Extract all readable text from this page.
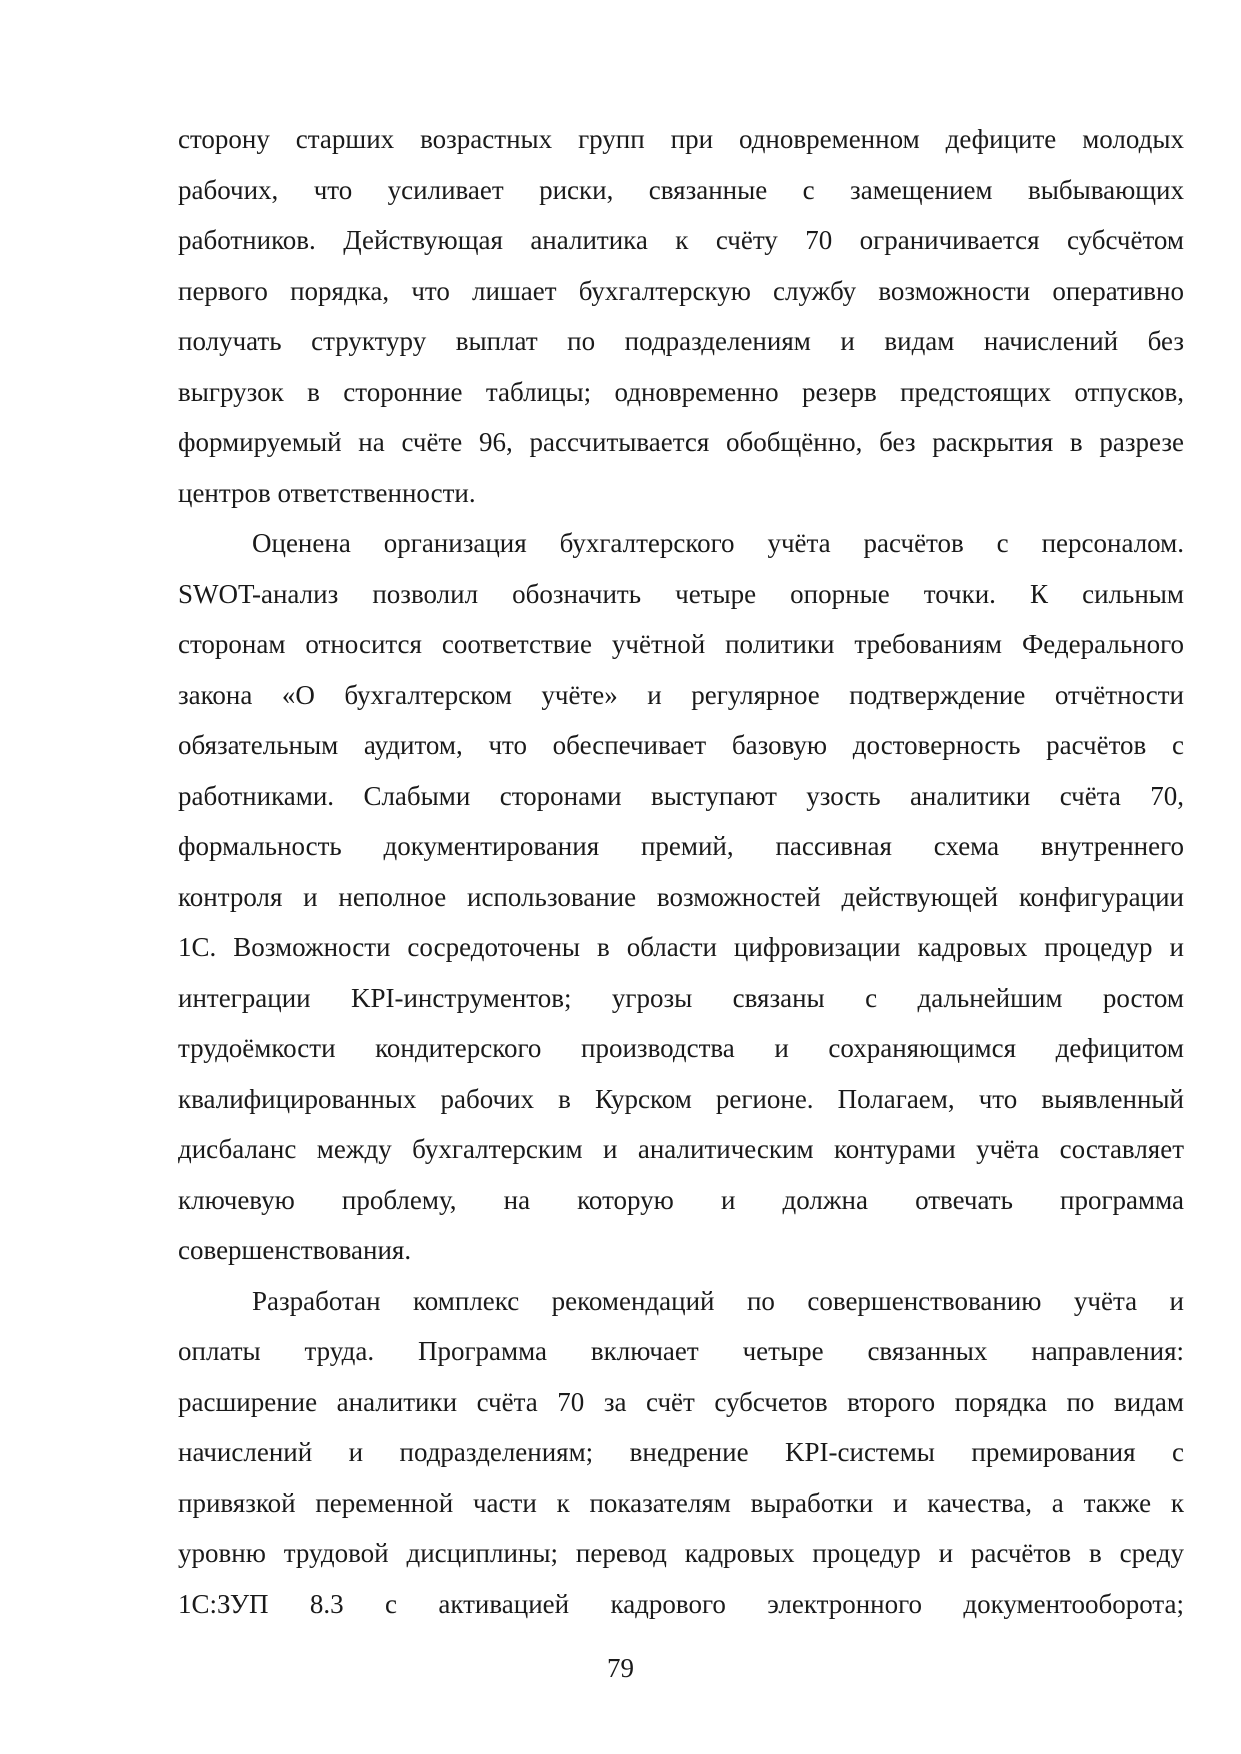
сторону старших возрастных групп при одновременном дефиците молодых
рабочих, что усиливает риски, связанные с замещением выбывающих
работников. Действующая аналитика к счёту 70 ограничивается субсчётом
первого порядка, что лишает бухгалтерскую службу возможности оперативно
получать структуру выплат по подразделениям и видам начислений без
выгрузок в сторонние таблицы; одновременно резерв предстоящих отпусков,
формируемый на счёте 96, рассчитывается обобщённо, без раскрытия в разрезе
центров ответственности.

Оценена организация бухгалтерского учёта расчётов с персоналом.
SWOT-анализ позволил обозначить четыре опорные точки. К сильным
сторонам относится соответствие учётной политики требованиям Федерального
закона «О бухгалтерском учёте» и регулярное подтверждение отчётности
обязательным аудитом, что обеспечивает базовую достоверность расчётов с
работниками. Слабыми сторонами выступают узость аналитики счёта 70,
формальность документирования премий, пассивная схема внутреннего
контроля и неполное использование возможностей действующей конфигурации
1С. Возможности сосредоточены в области цифровизации кадровых процедур и
интеграции KPI-инструментов; угрозы связаны с дальнейшим ростом
трудоёмкости кондитерского производства и сохраняющимся дефицитом
квалифицированных рабочих в Курском регионе. Полагаем, что выявленный
дисбаланс между бухгалтерским и аналитическим контурами учёта составляет
ключевую проблему, на которую и должна отвечать программа
совершенствования.

Разработан комплекс рекомендаций по совершенствованию учёта и
оплаты труда. Программа включает четыре связанных направления:
расширение аналитики счёта 70 за счёт субсчетов второго порядка по видам
начислений и подразделениям; внедрение KPI-системы премирования с
привязкой переменной части к показателям выработки и качества, а также к
уровню трудовой дисциплины; перевод кадровых процедур и расчётов в среду
1С:ЗУП 8.3 с активацией кадрового электронного документооборота;

79
